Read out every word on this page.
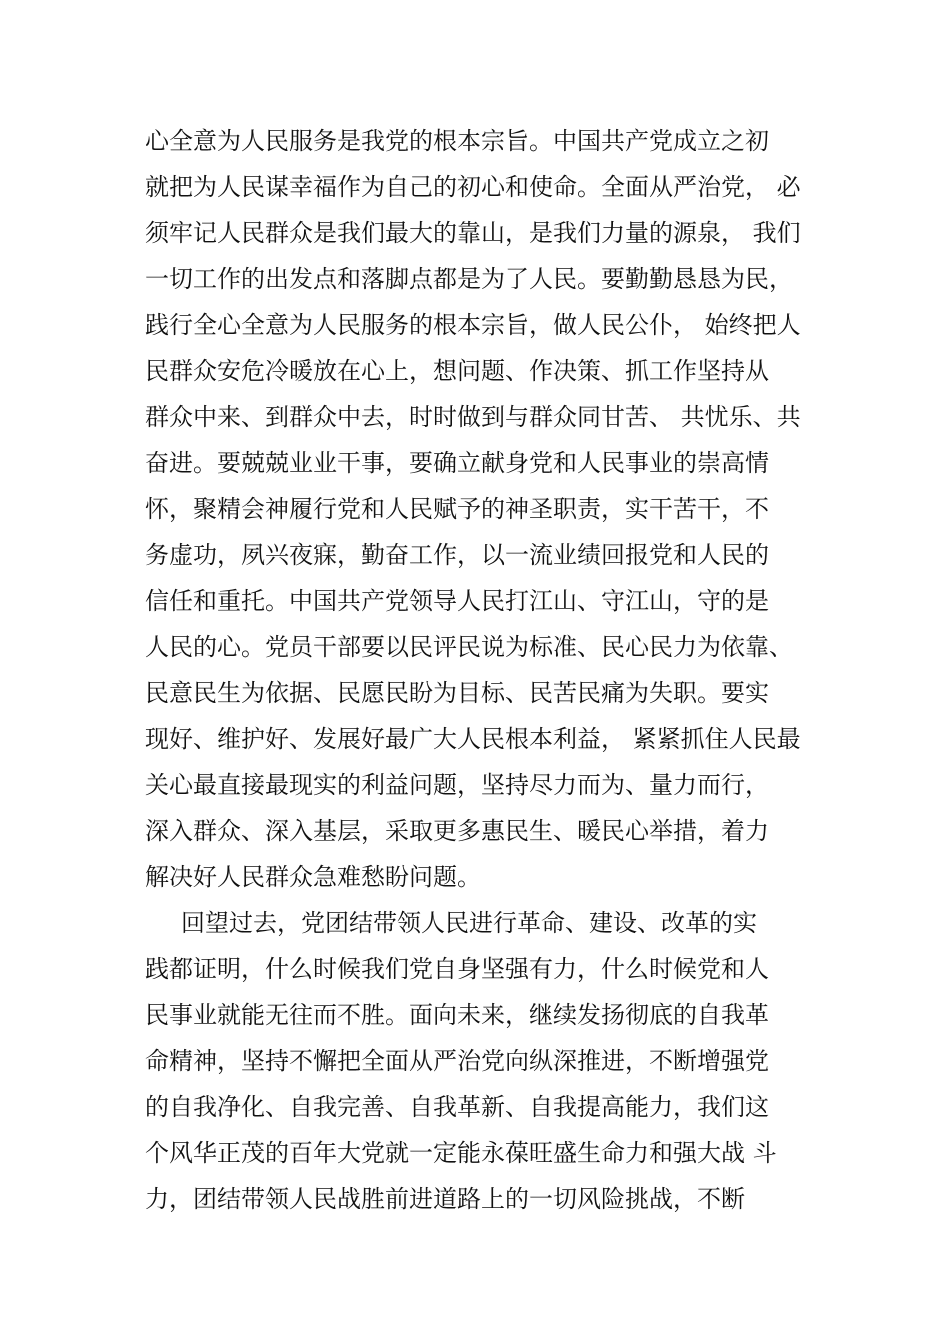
心全意为人民服务是我党的根本宗旨。中国共产党成立之初
就把为人民谋幸福作为自己的初心和使命。全面从严治党， 必
须牢记人民群众是我们最大的靠山，是我们力量的源泉， 我们
一切工作的出发点和落脚点都是为了人民。要勤勤恳恳为民，
践行全心全意为人民服务的根本宗旨，做人民公仆， 始终把人
民群众安危冷暖放在心上，想问题、作决策、抓工作坚持从
群众中来、到群众中去，时时做到与群众同甘苦、 共忧乐、共
奋进。要兢兢业业干事，要确立献身党和人民事业的崇高情
怀，聚精会神履行党和人民赋予的神圣职责，实干苦干，不
务虚功，夙兴夜寐，勤奋工作，以一流业绩回报党和人民的
信任和重托。中国共产党领导人民打江山、守江山，守的是
人民的心。党员干部要以民评民说为标准、民心民力为依靠、
民意民生为依据、民愿民盼为目标、民苦民痛为失职。要实
现好、维护好、发展好最广大人民根本利益， 紧紧抓住人民最
关心最直接最现实的利益问题，坚持尽力而为、量力而行，
深入群众、深入基层，采取更多惠民生、暖民心举措，着力
解决好人民群众急难愁盼问题。
回望过去，党团结带领人民进行革命、建设、改革的实
践都证明，什么时候我们党自身坚强有力，什么时候党和人
民事业就能无往而不胜。面向未来，继续发扬彻底的自我革
命精神，坚持不懈把全面从严治党向纵深推进，不断增强党
的自我净化、自我完善、自我革新、自我提高能力，我们这
个风华正茂的百年大党就一定能永葆旺盛生命力和强大战 斗
力，团结带领人民战胜前进道路上的一切风险挑战，不断
